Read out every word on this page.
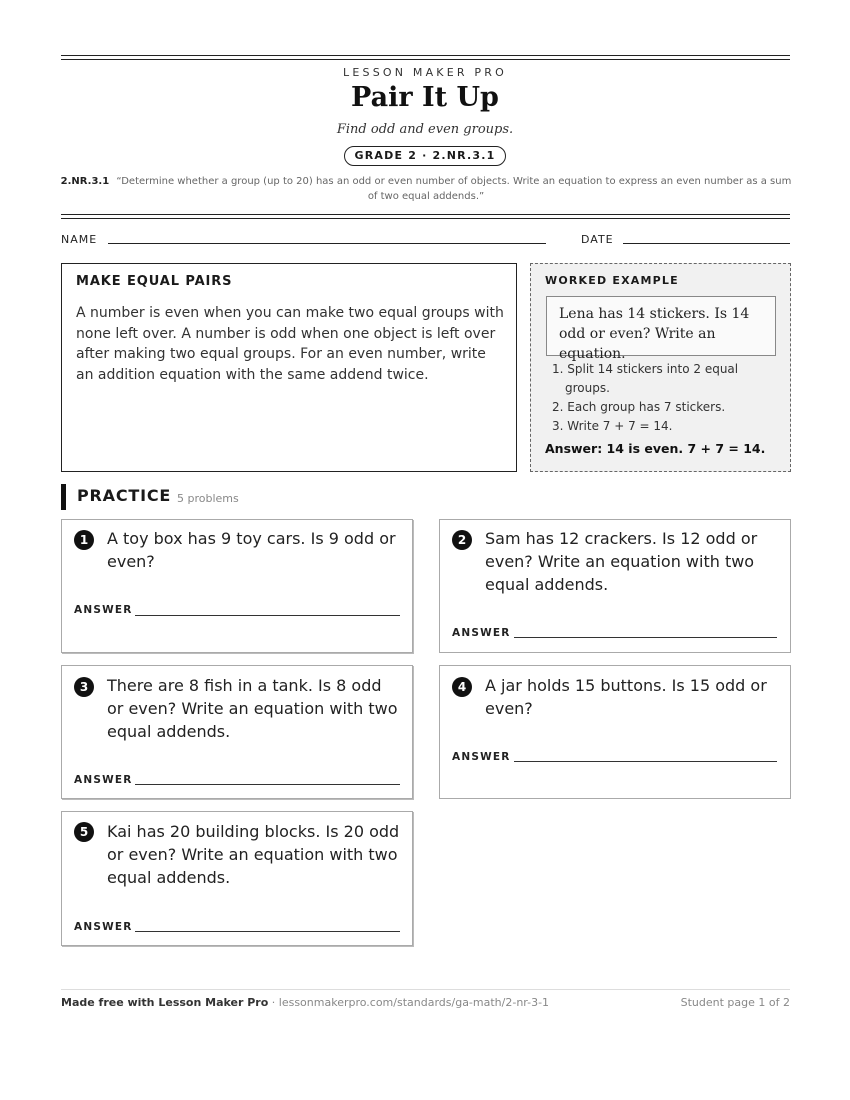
LESSON MAKER PRO
Pair It Up
Find odd and even groups.
GRADE 2 · 2.NR.3.1
2.NR.3.1 “Determine whether a group (up to 20) has an odd or even number of objects. Write an equation to express an even number as a sum of two equal addends.”
NAME	DATE
MAKE EQUAL PAIRS
A number is even when you can make two equal groups with none left over. A number is odd when one object is left over after making two equal groups. For an even number, write an addition equation with the same addend twice.
WORKED EXAMPLE
Lena has 14 stickers. Is 14 odd or even? Write an equation.
1. Split 14 stickers into 2 equal groups.
2. Each group has 7 stickers.
3. Write 7 + 7 = 14.
Answer: 14 is even. 7 + 7 = 14.
PRACTICE 5 problems
1	A toy box has 9 toy cars. Is 9 odd or even?
ANSWER
2	Sam has 12 crackers. Is 12 odd or even? Write an equation with two equal addends.
ANSWER
3	There are 8 fish in a tank. Is 8 odd or even? Write an equation with two equal addends.
ANSWER
4	A jar holds 15 buttons. Is 15 odd or even?
ANSWER
5	Kai has 20 building blocks. Is 20 odd or even? Write an equation with two equal addends.
ANSWER
Made free with Lesson Maker Pro · lessonmakerpro.com/standards/ga-math/2-nr-3-1	Student page 1 of 2
